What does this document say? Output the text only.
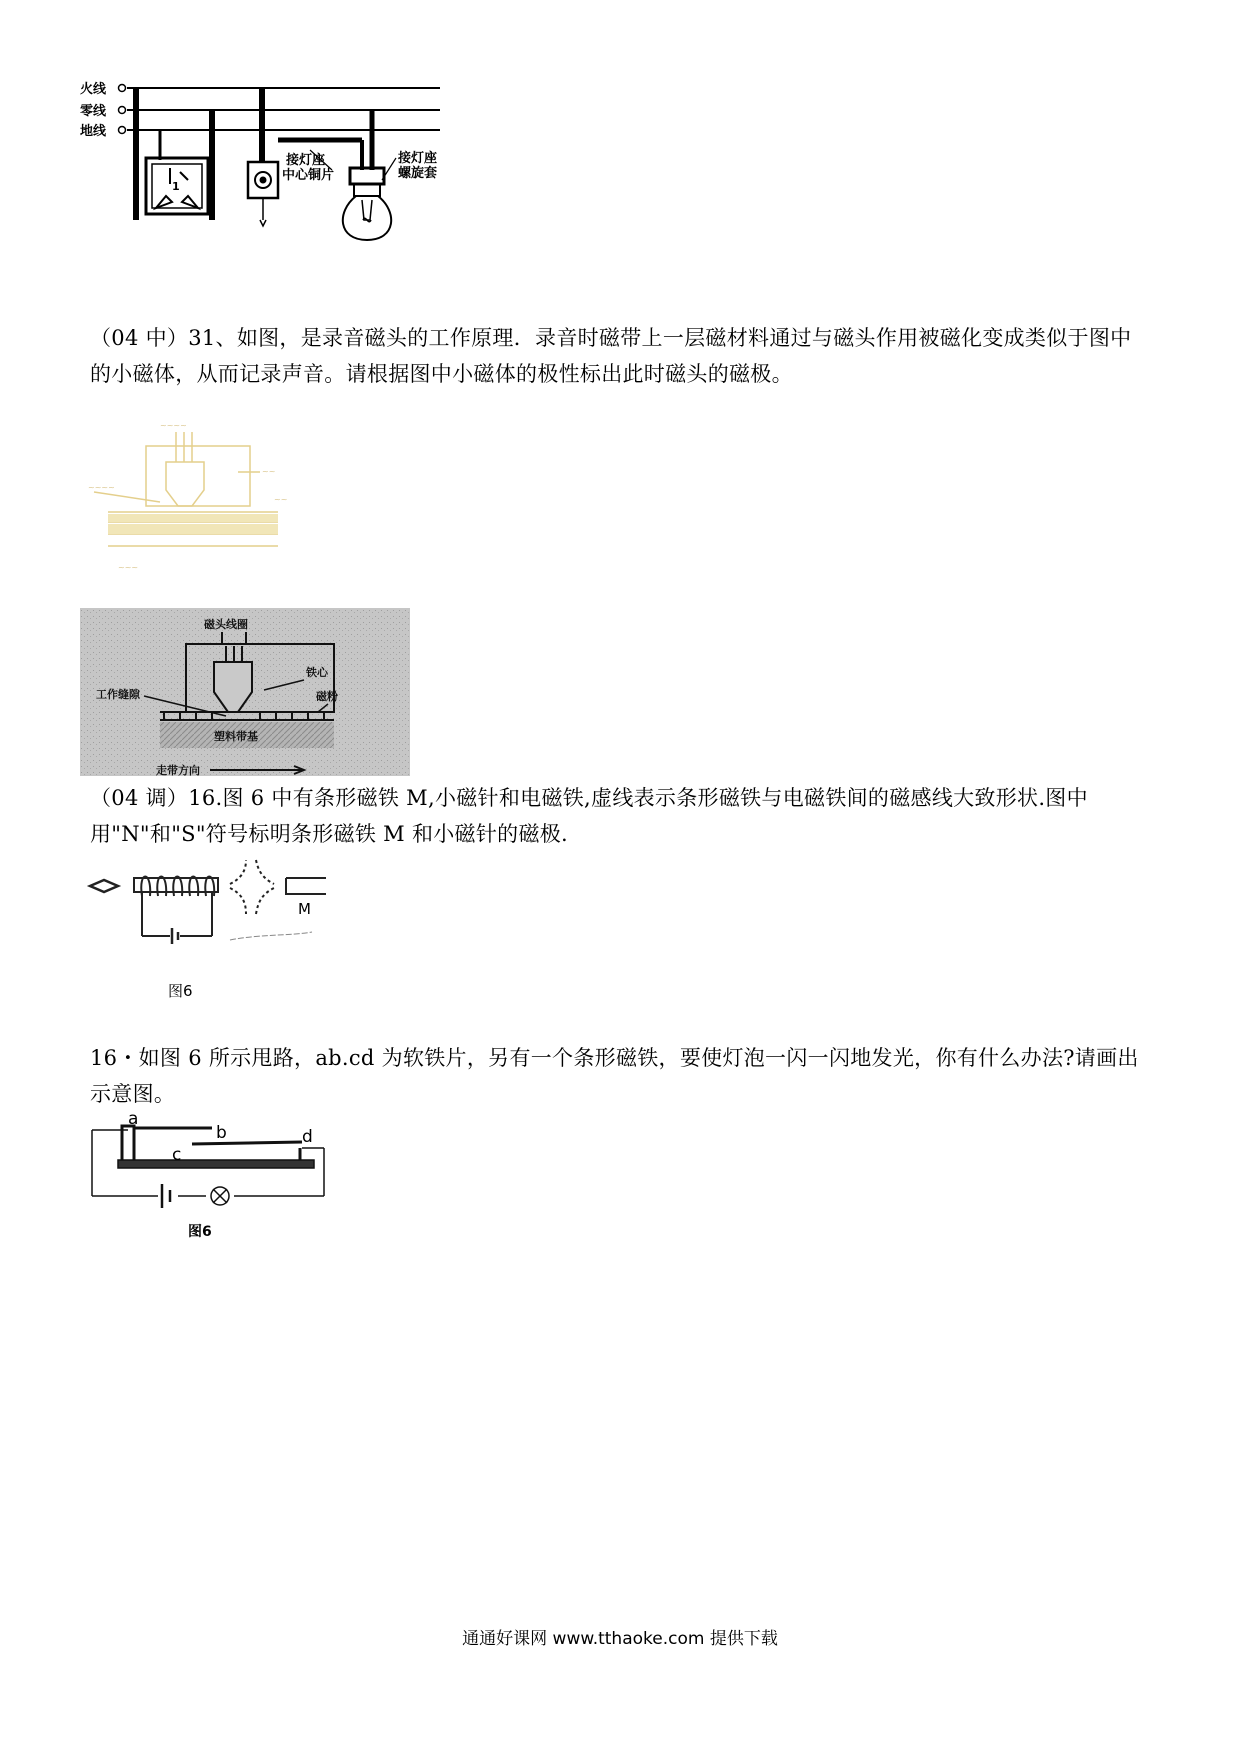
火线
零线
地线
接灯座
中心铜片
接灯座
螺旋套
1
（04 中）31、如图，是录音磁头的工作原理．录音时磁带上一层磁材料通过与磁头作用被磁化变成类似于图中的小磁体，从而记录声音。请根据图中小磁体的极性标出此时磁头的磁极。
~~~~
~~
~~~~
~~
~~~
磁头线圈
铁心
工作缝隙	磁粉
塑料带基
走带方向
（04 调）16.图 6 中有条形磁铁 M,小磁针和电磁铁,虚线表示条形磁铁与电磁铁间的磁感线大致形状.图中用"N"和"S"符号标明条形磁铁 M 和小磁针的磁极.
M
图6
16・如图 6 所示甩路，ab.cd 为软铁片，另有一个条形磁铁，要使灯泡一闪一闪地发光，你有什么办法?请画出示意图。
a
b
c
d
图6
通通好课网 www.tthaoke.com 提供下载
